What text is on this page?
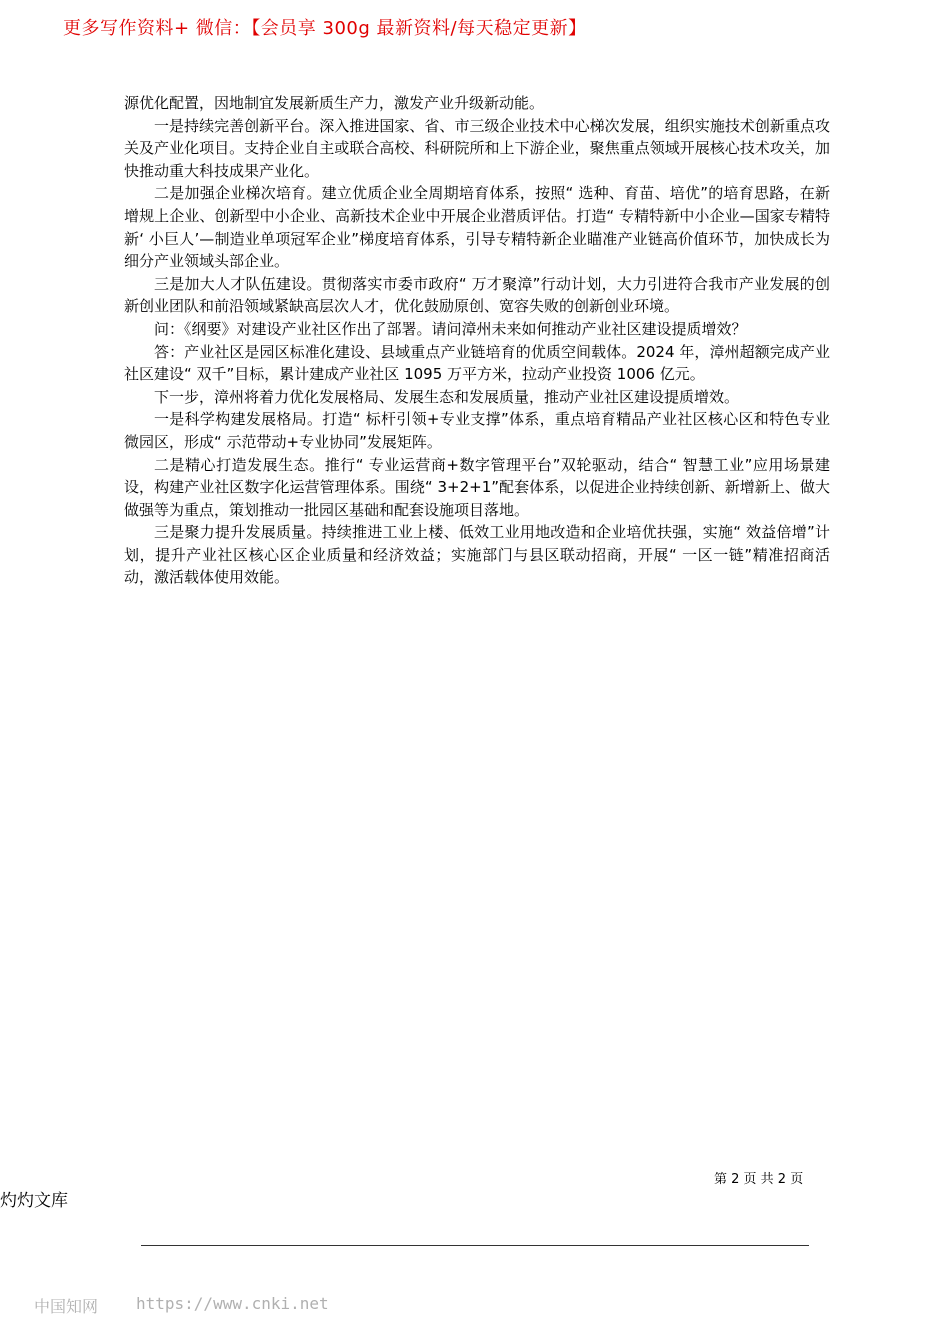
更多写作资料+ 微信：【会员享 300g 最新资料/每天稳定更新】

源优化配置，因地制宜发展新质生产力，激发产业升级新动能。

一是持续完善创新平台。深入推进国家、省、市三级企业技术中心梯次发展，组织实施技术创新重点攻关及产业化项目。支持企业自主或联合高校、科研院所和上下游企业，聚焦重点领域开展核心技术攻关，加快推动重大科技成果产业化。

二是加强企业梯次培育。建立优质企业全周期培育体系，按照“ 选种、育苗、培优”的培育思路，在新增规上企业、创新型中小企业、高新技术企业中开展企业潜质评估。打造“ 专精特新中小企业—国家专精特新‘ 小巨人’—制造业单项冠军企业”梯度培育体系，引导专精特新企业瞄准产业链高价值环节，加快成长为细分产业领域头部企业。

三是加大人才队伍建设。贯彻落实市委市政府“ 万才聚漳”行动计划，大力引进符合我市产业发展的创新创业团队和前沿领域紧缺高层次人才，优化鼓励原创、宽容失败的创新创业环境。

问：《纲要》对建设产业社区作出了部署。请问漳州未来如何推动产业社区建设提质增效？

答：产业社区是园区标准化建设、县域重点产业链培育的优质空间载体。2024 年，漳州超额完成产业社区建设“ 双千”目标，累计建成产业社区 1095 万平方米，拉动产业投资 1006 亿元。

下一步，漳州将着力优化发展格局、发展生态和发展质量，推动产业社区建设提质增效。

一是科学构建发展格局。打造“ 标杆引领+专业支撑”体系，重点培育精品产业社区核心区和特色专业微园区，形成“ 示范带动+专业协同”发展矩阵。

二是精心打造发展生态。推行“ 专业运营商+数字管理平台”双轮驱动，结合“ 智慧工业”应用场景建设，构建产业社区数字化运营管理体系。围绕“ 3+2+1”配套体系，以促进企业持续创新、新增新上、做大做强等为重点，策划推动一批园区基础和配套设施项目落地。

三是聚力提升发展质量。持续推进工业上楼、低效工业用地改造和企业培优扶强，实施“ 效益倍增”计划，提升产业社区核心区企业质量和经济效益；实施部门与县区联动招商，开展“ 一区一链”精准招商活动，激活载体使用效能。

第 2 页 共 2 页
灼灼文库
中国知网 https://www.cnki.net
